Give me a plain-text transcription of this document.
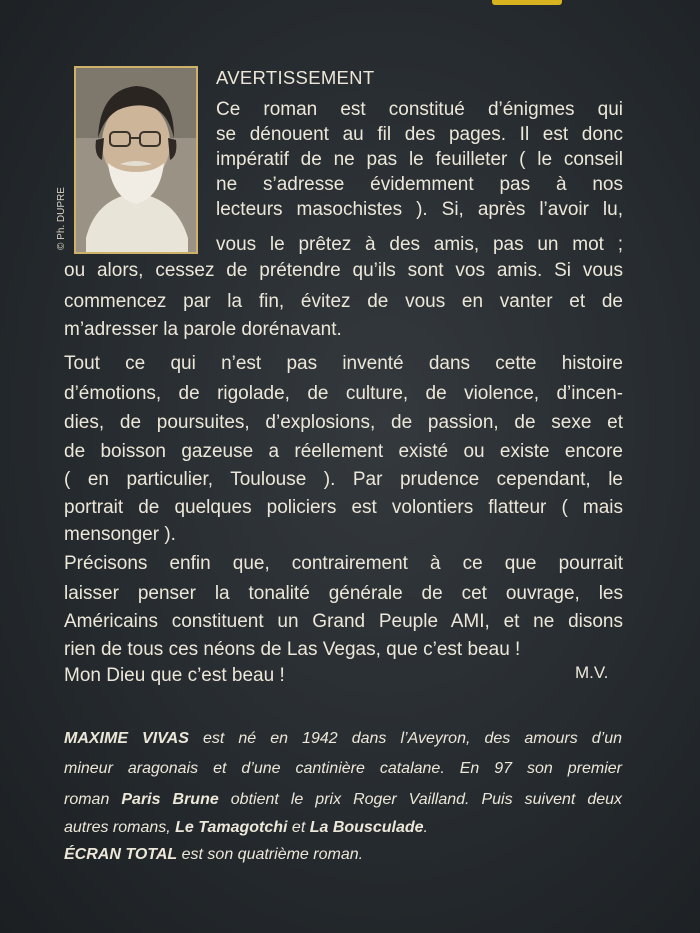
© Ph. DUPRE
AVERTISSEMENT
Ce roman est constitué d’énigmes qui
se dénouent au fil des pages. Il est donc
impératif de ne pas le feuilleter ( le conseil
ne s’adresse évidemment pas à nos
lecteurs masochistes ). Si, après l’avoir lu,
vous le prêtez à des amis, pas un mot ;
ou alors, cessez de prétendre qu’ils sont vos amis. Si vous
commencez par la fin, évitez de vous en vanter et de
m’adresser la parole dorénavant.
Tout ce qui n’est pas inventé dans cette histoire
d’émotions, de rigolade, de culture, de violence, d’incen-
dies, de poursuites, d’explosions, de passion, de sexe et
de boisson gazeuse a réellement existé ou existe encore
( en particulier, Toulouse ). Par prudence cependant, le
portrait de quelques policiers est volontiers flatteur ( mais
mensonger ).
Précisons enfin que, contrairement à ce que pourrait
laisser penser la tonalité générale de cet ouvrage, les
Américains constituent un Grand Peuple AMI, et ne disons
rien de tous ces néons de Las Vegas, que c’est beau !
Mon Dieu que c’est beau !	M.V.
MAXIME VIVAS est né en 1942 dans l’Aveyron, des amours d’un
mineur aragonais et d’une cantinière catalane. En 97 son premier
roman Paris Brune obtient le prix Roger Vailland. Puis suivent deux
autres romans, Le Tamagotchi et La Bousculade.
ÉCRAN TOTAL est son quatrième roman.
